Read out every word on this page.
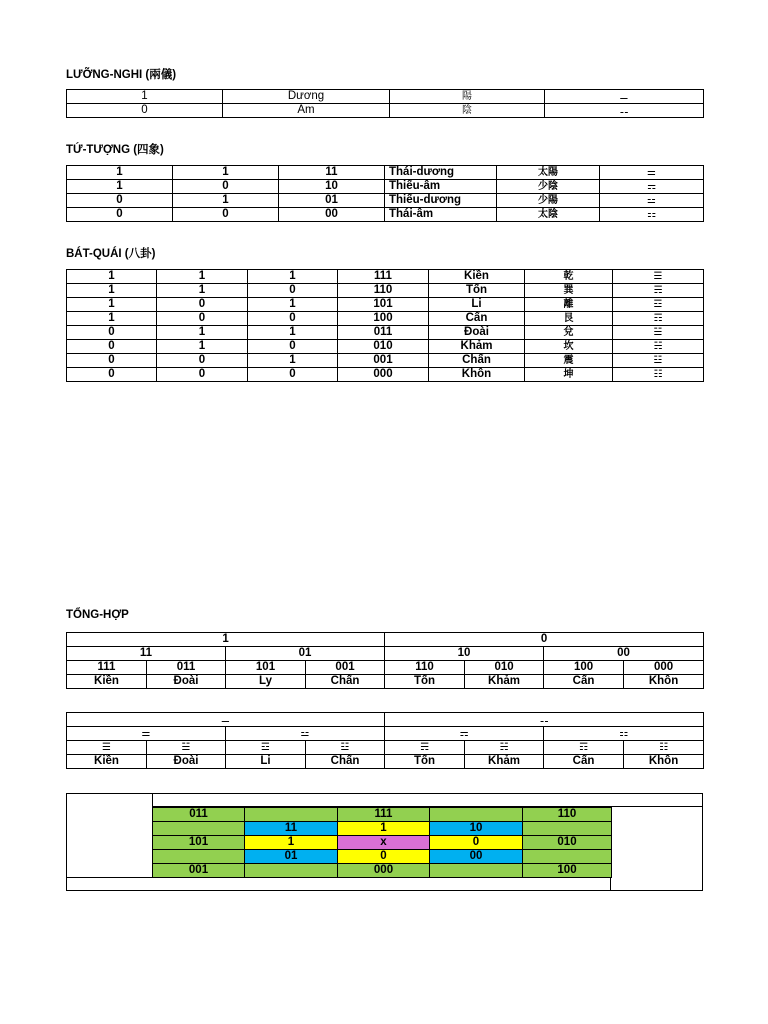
LƯỠNG-NGHI (兩儀)
1	Dương	陽	⚊
0	Âm	陰	⚋
TỨ-TƯỢNG (四象)
1	1	11	Thái-dương	太陽	⚌
1	0	10	Thiếu-âm	少陰	⚎
0	1	01	Thiếu-dương	少陽	⚍
0	0	00	Thái-âm	太陰	⚏
BÁT-QUÁI (八卦)
1	1	1	111	Kiền	乾	☰
1	1	0	110	Tốn	巽	☴
1	0	1	101	Li	離	☲
1	0	0	100	Cấn	艮	☶
0	1	1	011	Đoài	兌	☱
0	1	0	010	Khảm	坎	☵
0	0	1	001	Chấn	震	☳
0	0	0	000	Khôn	坤	☷
TỔNG-HỢP
1				0			
11		01		10		00	
111	011	101	001	110	010	100	000
Kiền	Đoài	Ly	Chấn	Tốn	Khảm	Cấn	Khôn
⚊				⚋			
⚌		⚍		⚎		⚏	
☰	☱	☲	☳	☴	☵	☶	☷
Kiền	Đoài	Li	Chấn	Tốn	Khảm	Cấn	Khôn
011		111		110
	11	1	10	
101	1	x	0	010
	01	0	00	
001		000		100
